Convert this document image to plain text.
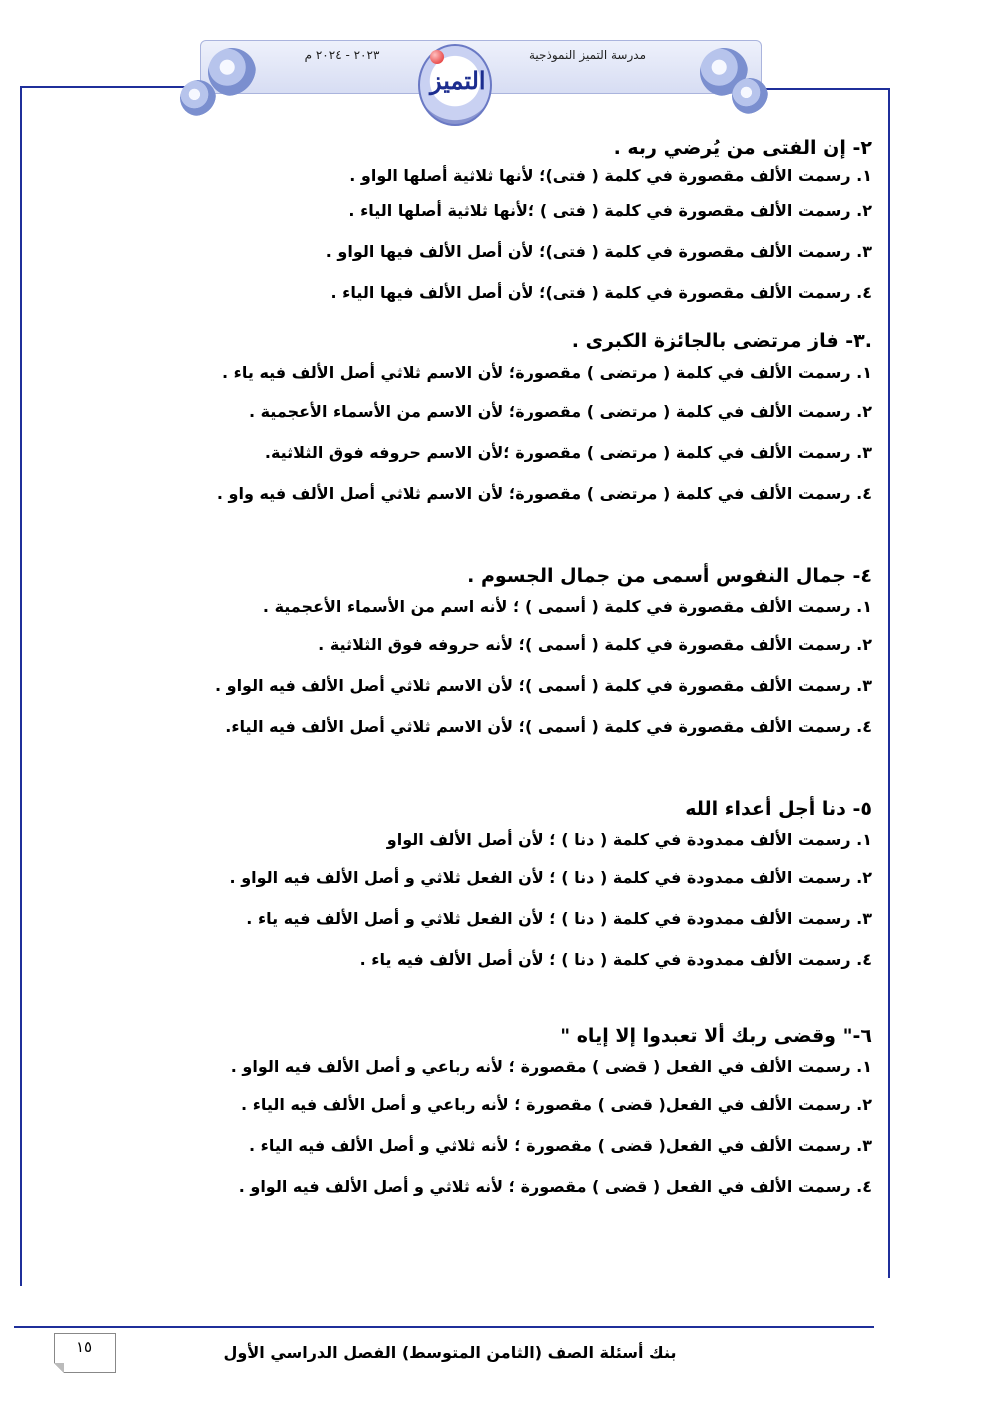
مدرسة التميز النموذجية
٢٠٢٣ - ٢٠٢٤ م
التميز
٢- إن الفتى من يُرضي ربه .
١. رسمت الألف مقصورة في كلمة ( فتى)؛ لأنها ثلاثية أصلها الواو .
٢. رسمت الألف مقصورة في كلمة ( فتى ) ؛لأنها ثلاثية أصلها الياء .
٣. رسمت الألف مقصورة في كلمة ( فتى)؛ لأن أصل الألف فيها الواو .
٤. رسمت الألف مقصورة في كلمة ( فتى)؛ لأن أصل الألف فيها الياء .
.٣- فاز مرتضى بالجائزة الكبرى .
١. رسمت الألف في كلمة ( مرتضى ) مقصورة؛ لأن الاسم ثلاثي أصل الألف فيه ياء .
٢. رسمت الألف في كلمة ( مرتضى ) مقصورة؛ لأن الاسم من الأسماء الأعجمية .
٣. رسمت الألف في كلمة ( مرتضى ) مقصورة ؛لأن الاسم حروفه فوق الثلاثية.
٤. رسمت الألف في كلمة ( مرتضى ) مقصورة؛ لأن الاسم ثلاثي أصل الألف فيه واو .
٤- جمال النفوس أسمى من جمال الجسوم .
١. رسمت الألف مقصورة في كلمة ( أسمى ) ؛ لأنه اسم من الأسماء الأعجمية .
٢. رسمت الألف مقصورة في كلمة ( أسمى )؛ لأنه حروفه فوق الثلاثية .
٣. رسمت الألف مقصورة في كلمة ( أسمى )؛ لأن الاسم ثلاثي أصل الألف فيه الواو .
٤. رسمت الألف مقصورة في كلمة ( أسمى )؛ لأن الاسم ثلاثي أصل الألف فيه الياء.
٥- دنا أجل أعداء الله
١. رسمت الألف ممدودة في كلمة ( دنا ) ؛ لأن أصل الألف الواو
٢. رسمت الألف ممدودة في كلمة ( دنا ) ؛ لأن الفعل ثلاثي و أصل الألف فيه الواو .
٣. رسمت الألف ممدودة في كلمة ( دنا ) ؛ لأن الفعل ثلاثي و أصل الألف فيه ياء .
٤. رسمت الألف ممدودة في كلمة ( دنا ) ؛ لأن أصل الألف فيه ياء .
٦-" وقضى ربك ألا تعبدوا إلا إياه "
١. رسمت الألف في الفعل ( قضى ) مقصورة ؛ لأنه رباعي و أصل الألف فيه الواو .
٢. رسمت الألف في الفعل( قضى ) مقصورة ؛ لأنه رباعي و أصل الألف فيه الياء .
٣. رسمت الألف في الفعل( قضى ) مقصورة ؛ لأنه ثلاثي و أصل الألف فيه الياء .
٤. رسمت الألف في الفعل ( قضى ) مقصورة ؛ لأنه ثلاثي و أصل الألف فيه الواو .
١٥	بنك أسئلة الصف (الثامن المتوسط) الفصل الدراسي الأول
